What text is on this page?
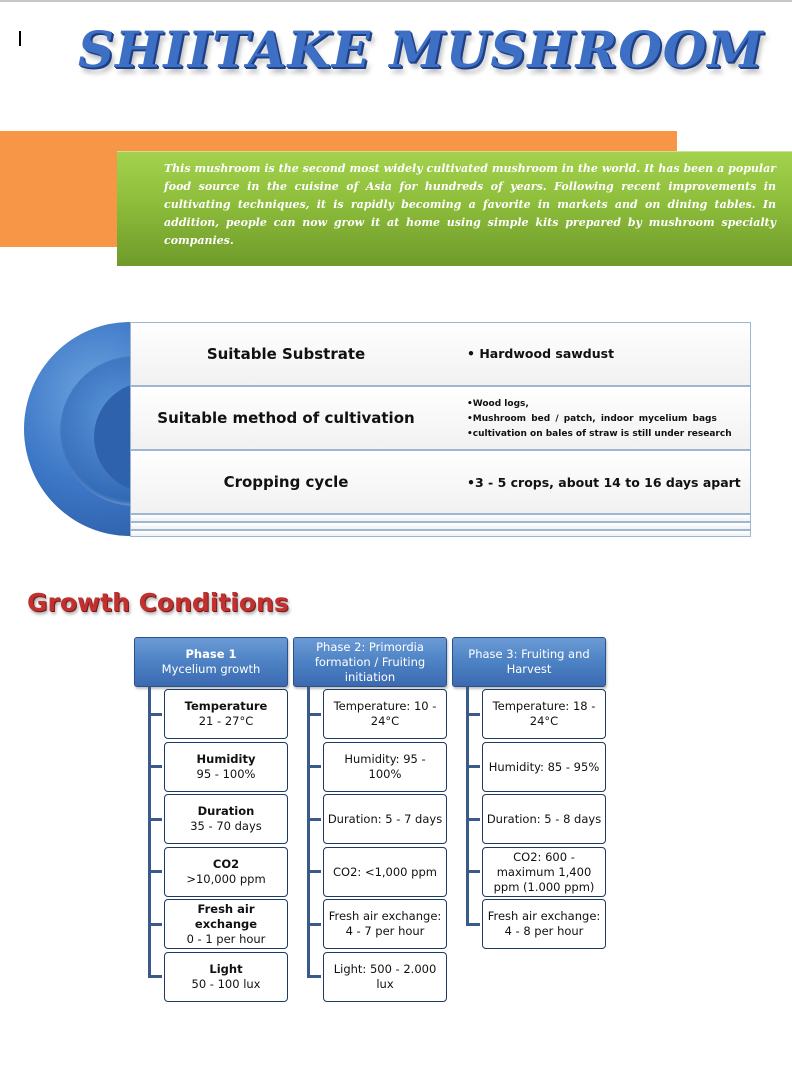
SHIITAKE MUSHROOM

This mushroom is the second most widely cultivated mushroom in the world. It has been a popular food source in the cuisine of Asia for hundreds of years. Following recent improvements in cultivating techniques, it is rapidly becoming a favorite in markets and on dining tables. In addition, people can now grow it at home using simple kits prepared by mushroom specialty companies.

Suitable Substrate	• Hardwood sawdust
Suitable method of cultivation
•Wood logs,
•Mushroom bed / patch, indoor mycelium bags
•cultivation on bales of straw is still under research
Cropping cycle	•3 - 5 crops, about 14 to 16 days apart
Growth Conditions
Phase 1
Mycelium growth
Temperature
21 - 27°C
Humidity
95 - 100%
Duration
35 - 70 days
CO2
>10,000 ppm
Fresh air exchange
0 - 1 per hour
Light
50 - 100 lux
Phase 2: Primordia
formation / Fruiting
initiation
Temperature: 10 -
24°C
Humidity: 95 -
100%
Duration: 5 - 7 days
CO2: <1,000 ppm
Fresh air exchange:
4 - 7 per hour
Light: 500 - 2.000
lux
Phase 3: Fruiting and
Harvest
Temperature: 18 -
24°C
Humidity: 85 - 95%
Duration: 5 - 8 days
CO2: 600 -
maximum 1,400
ppm (1.000 ppm)
Fresh air exchange:
4 - 8 per hour
